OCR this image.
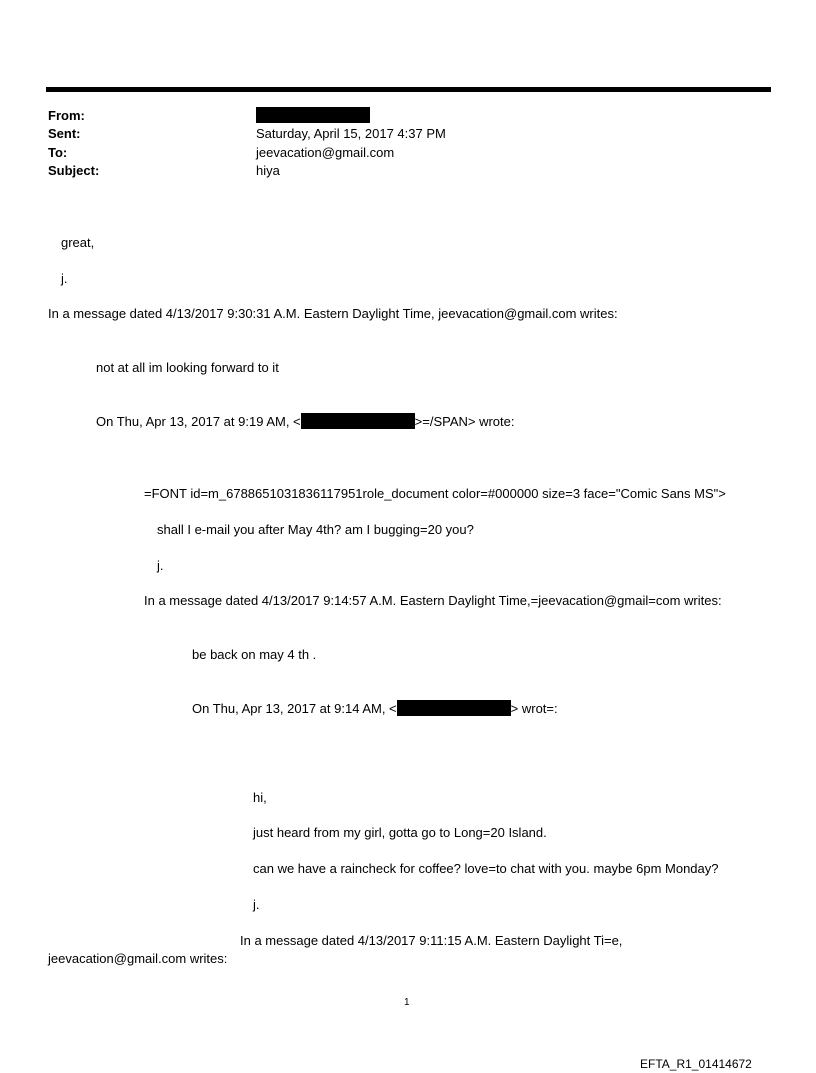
From:
Sent:	Saturday, April 15, 2017 4:37 PM
To:	jeevacation@gmail.com
Subject:	hiya
great,
j.
In a message dated 4/13/2017 9:30:31 A.M. Eastern Daylight Time, jeevacation@gmail.com writes:
not at all im looking forward to it
On Thu, Apr 13, 2017 at 9:19 AM, <	>=/SPAN> wrote:
=FONT id=m_6788651031836117951role_document color=#000000 size=3 face="Comic Sans MS">
shall I e-mail you after May 4th? am I bugging=20 you?
j.
In a message dated 4/13/2017 9:14:57 A.M. Eastern Daylight Time,=jeevacation@gmail=com writes:
be back on may 4 th .
On Thu, Apr 13, 2017 at 9:14 AM, <	> wrot=:
hi,
just heard from my girl, gotta go to Long=20 Island.
can we have a raincheck for coffee? love=to chat with you. maybe 6pm Monday?
j.
In a message dated 4/13/2017 9:11:15 A.M. Eastern Daylight Ti=e,
jeevacation@gmail.com writes:
1
EFTA_R1_01414672
